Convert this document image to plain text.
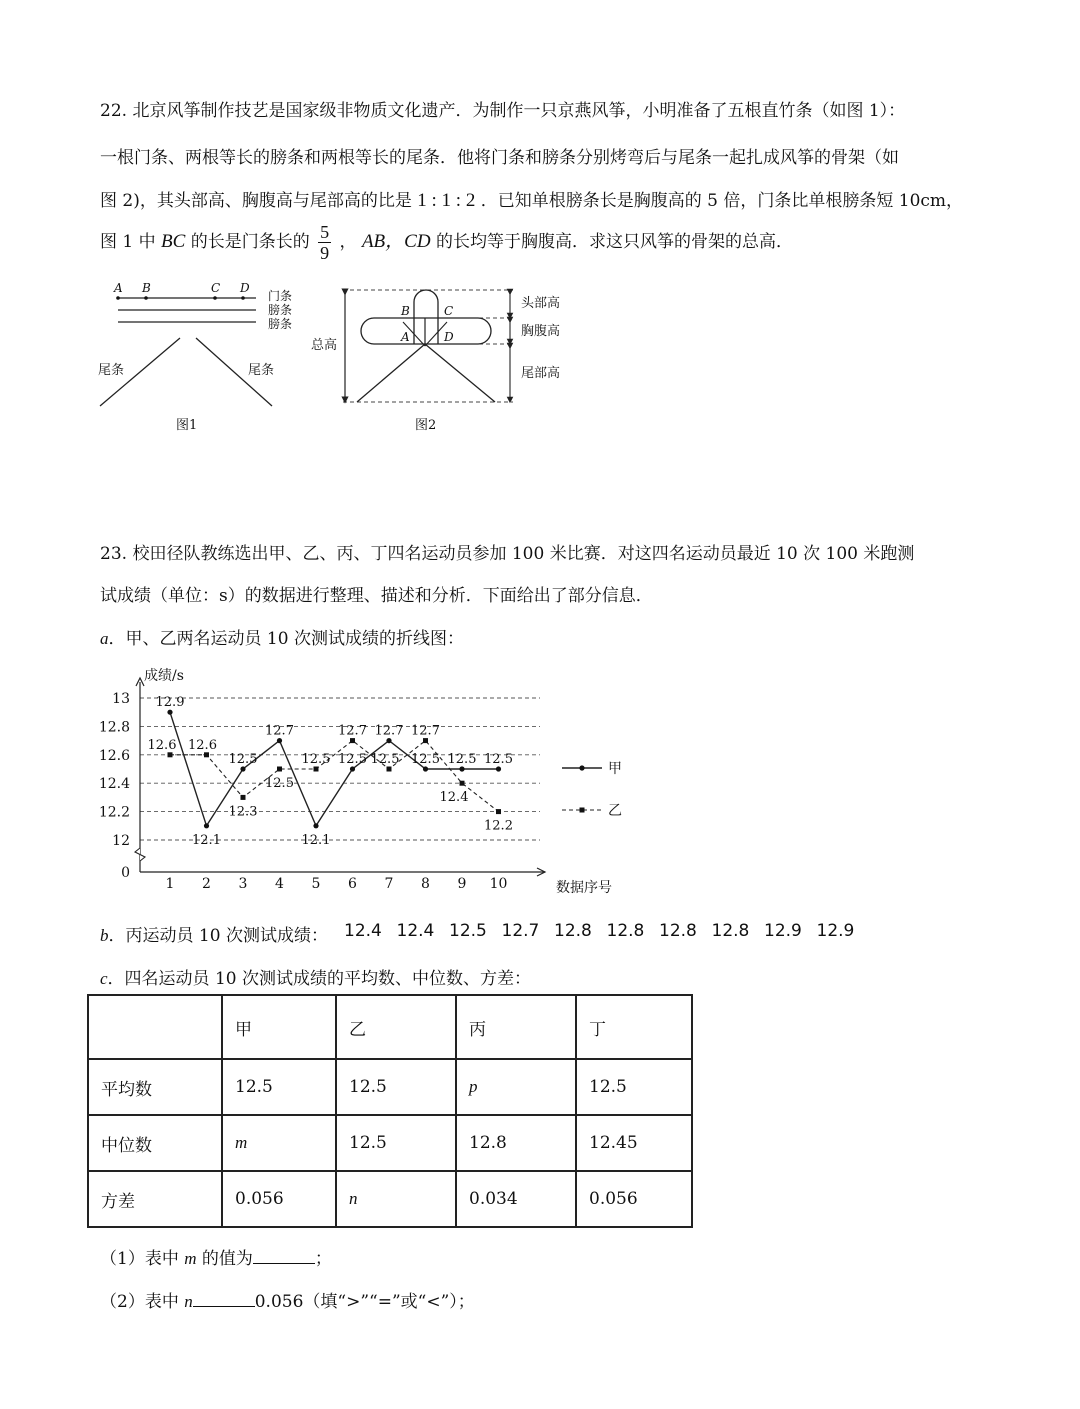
22. 北京风筝制作技艺是国家级非物质文化遗产．为制作一只京燕风筝，小明准备了五根直竹条（如图 1）：
一根门条、两根等长的膀条和两根等长的尾条．他将门条和膀条分别烤弯后与尾条一起扎成风筝的骨架（如
图 2)，其头部高、胸腹高与尾部高的比是 1 : 1 : 2 ．已知单根膀条长是胸腹高的 5 倍，门条比单根膀条短 10cm，
图 1 中 BC 的长是门条长的 $\frac{5}{9}$ ， AB，CD 的长均等于胸腹高．求这只风筝的骨架的总高．
A B	C D
门条
膀条
膀条
尾条	尾条
图1
B	C
A	D
总高
头部高
胸腹高
尾部高
图2
23. 校田径队教练选出甲、乙、丙、丁四名运动员参加 100 米比赛．对这四名运动员最近 10 次 100 米跑测
试成绩（单位：s）的数据进行整理、描述和分析．下面给出了部分信息．
a．甲、乙两名运动员 10 次测试成绩的折线图：
成绩/s
数据序号
0
12
12.2
12.4
12.6
12.8
13
1 2 3 4 5 6 7 8 9 10
12.9
12.1
12.5
12.7
12.1
12.5
12.7
12.5 12.5 12.5
12.6 12.6
12.3
12.5
12.5
12.7
12.5
12.7
12.4
12.2
甲
乙
b．丙运动员 10 次测试成绩： 12.4 12.4 12.5 12.7 12.8 12.8 12.8 12.8 12.9 12.9
c．四名运动员 10 次测试成绩的平均数、中位数、方差：
	甲	乙	丙	丁
平均数	12.5	12.5	p	12.5
中位数	m	12.5	12.8	12.45
方差	0.056	n	0.034	0.056
（1）表中 m 的值为	；
（2）表中 n	0.056（填“>”“=”或“<”）；
